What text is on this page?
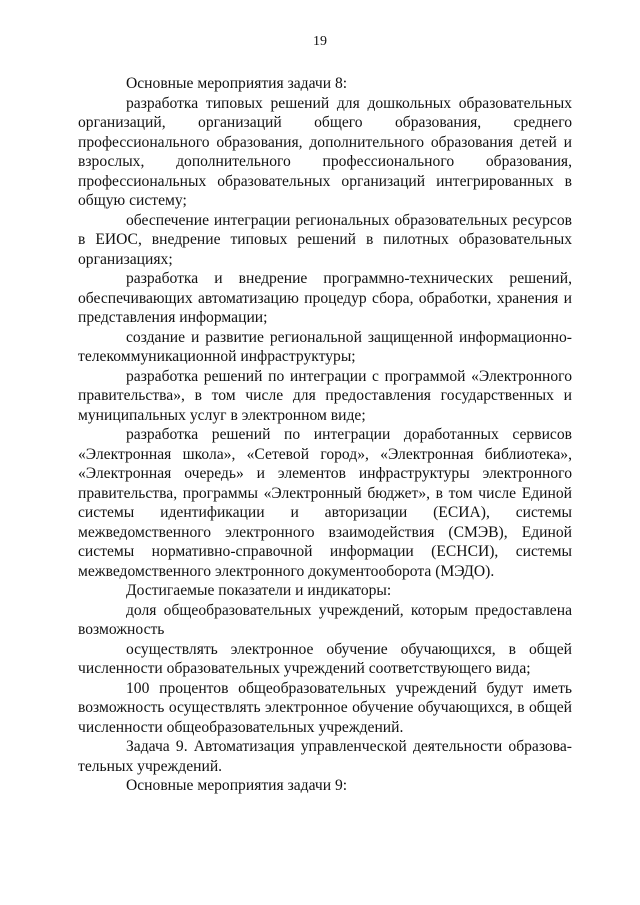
19

Основные мероприятия задачи 8:

разработка типовых решений для дошкольных образовательных организаций, организаций общего образования, среднего профессионального образования, дополнительного образования детей и взрослых, дополнительного профессионального образования, профессиональных образовательных организаций интегрированных в общую систему;

обеспечение интеграции региональных образовательных ресурсов в ЕИОС, внедрение типовых решений в пилотных образовательных организациях;

разработка и внедрение программно-технических решений, обеспечивающих автоматизацию процедур сбора, обработки, хранения и представления информации;

создание и развитие региональной защищенной информационно- телекоммуникационной инфраструктуры;

разработка решений по интеграции с программой «Электронного правительства», в том числе для предоставления государственных и муниципальных услуг в электронном виде;

разработка решений по интеграции доработанных сервисов «Электронная школа», «Сетевой город», «Электронная библиотека», «Электронная очередь» и элементов инфраструктуры электронного правительства, программы «Электронный бюджет», в том числе Единой системы идентификации и авторизации (ЕСИА), системы межведомственного электронного взаимодействия (СМЭВ), Единой системы нормативно-справочной информации (ЕСНСИ), системы межведомственного электронного документооборота (МЭДО).

Достигаемые показатели и индикаторы:

доля общеобразовательных учреждений, которым предоставлена возможность

осуществлять электронное обучение обучающихся, в общей численности образовательных учреждений соответствующего вида;

100 процентов общеобразовательных учреждений будут иметь возможность осуществлять электронное обучение обучающихся, в общей численности общеобразовательных учреждений.

Задача 9. Автоматизация управленческой деятельности образовательных учреждений.

Основные мероприятия задачи 9:
